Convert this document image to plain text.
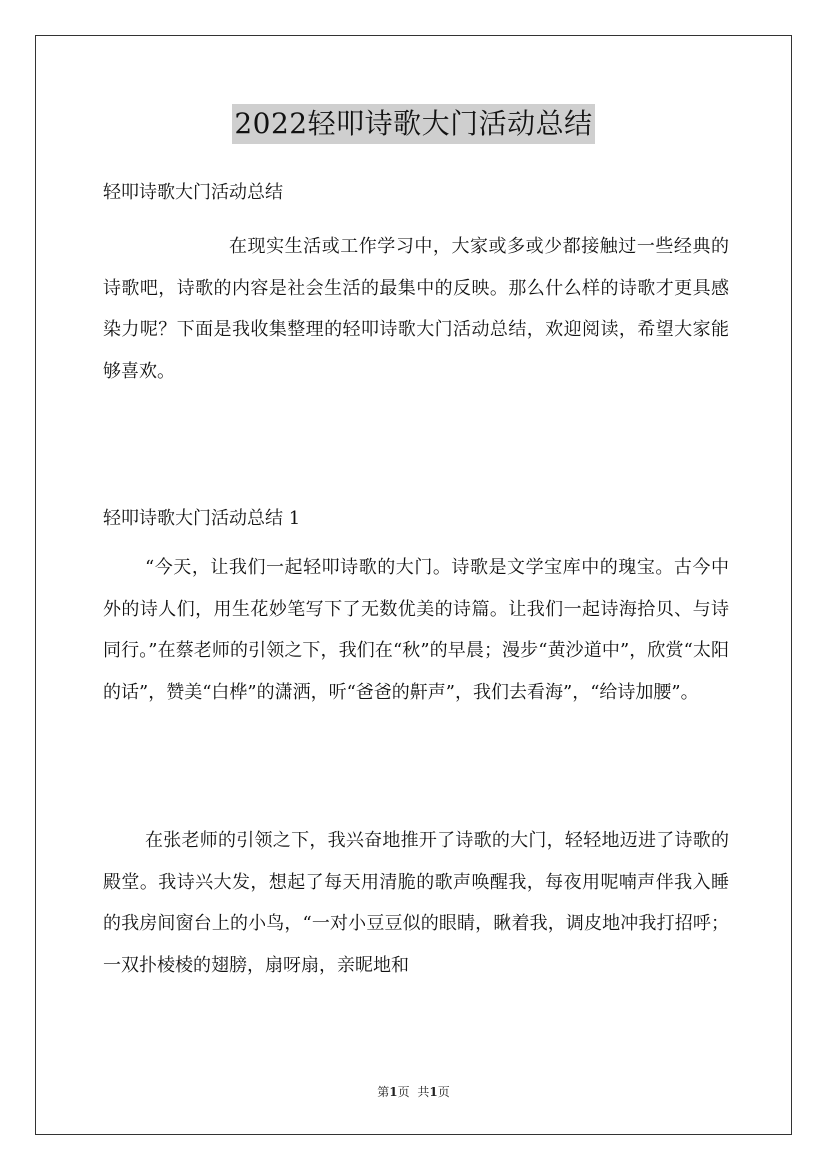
2022轻叩诗歌大门活动总结
轻叩诗歌大门活动总结

在现实生活或工作学习中，大家或多或少都接触过一些经典的诗歌吧，诗歌的内容是社会生活的最集中的反映。那么什么样的诗歌才更具感染力呢？下面是我收集整理的轻叩诗歌大门活动总结，欢迎阅读，希望大家能够喜欢。

轻叩诗歌大门活动总结 1

“今天，让我们一起轻叩诗歌的大门。诗歌是文学宝库中的瑰宝。古今中外的诗人们，用生花妙笔写下了无数优美的诗篇。让我们一起诗海拾贝、与诗同行。”在蔡老师的引领之下，我们在“秋”的早晨；漫步“黄沙道中”，欣赏“太阳的话”，赞美“白桦”的潇洒，听“爸爸的鼾声”，我们去看海”，“给诗加腰”。

在张老师的引领之下，我兴奋地推开了诗歌的大门，轻轻地迈进了诗歌的殿堂。我诗兴大发，想起了每天用清脆的歌声唤醒我，每夜用呢喃声伴我入睡的我房间窗台上的小鸟，“一对小豆豆似的眼睛，瞅着我，调皮地冲我打招呼；一双扑棱棱的翅膀，扇呀扇，亲昵地和

第1页 共1页
